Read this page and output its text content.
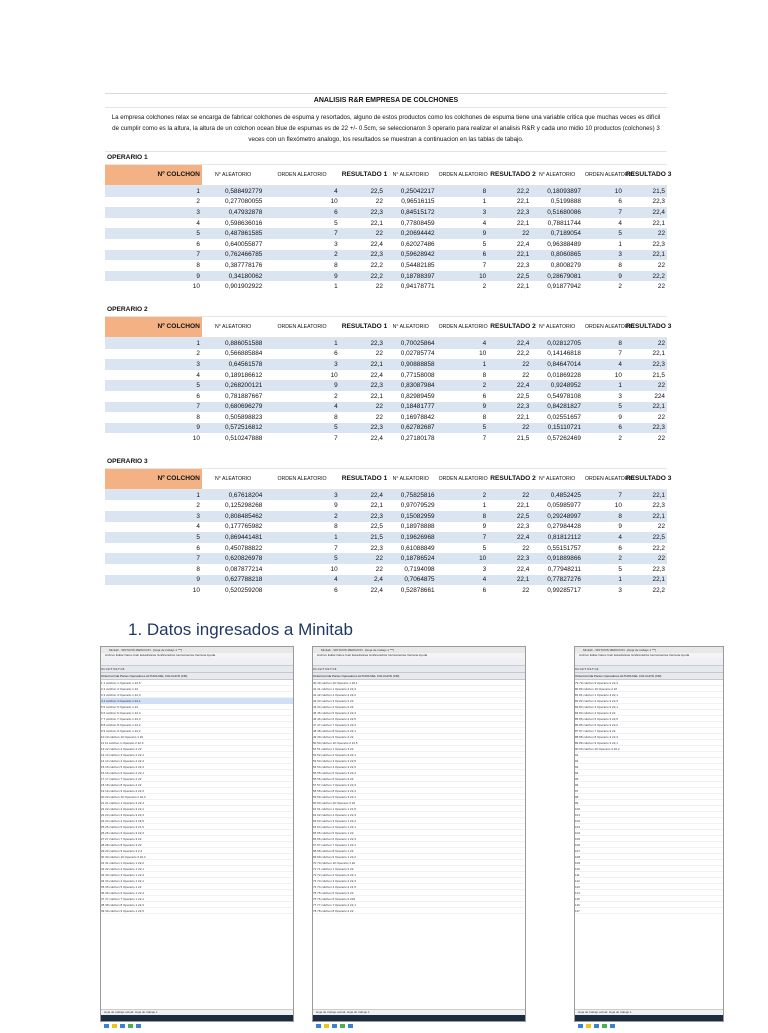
ANALISIS R&R EMPRESA DE COLCHONES
La empresa colchones relax se encarga de fabricar colchones de espuma y resortados, alguno de estos productos como los colchones de espuma tiene una variable critica que muchas veces es difícil de cumplir como es la altura, la altura de un colchon ocean blue de espumas es de 22 +/- 0.5cm, se seleccionaron 3 operario para realizar el analisis R&R y cada uno midio 10 productos (colchones) 3 veces con un flexómetro analogo, los resultados se muestran a continuacion en las tablas de tabajo.
OPERARIO 1
Nº COLCHON	N° ALEATORIO	ORDEN ALEATORIO	RESULTADO 1	N° ALEATORIO	ORDEN ALEATORIO	RESULTADO 2	N° ALEATORIO	ORDEN ALEATORIO	RESULTADO 3
1	0,588492779	4	22,5	0,25042217	8	22,2	0,18093897	10	21,5
2	0,277080055	10	22	0,96516115	1	22,1	0,5199888	6	22,3
3	0,47932878	6	22,3	0,84515172	3	22,3	0,51680086	7	22,4
4	0,598636016	5	22,1	0,77808459	4	22,1	0,78811744	4	22,1
5	0,487861585	7	22	0,20694442	9	22	0,7189054	5	22
6	0,640055877	3	22,4	0,62027486	5	22,4	0,96388489	1	22,3
7	0,762466785	2	22,3	0,59628942	6	22,1	0,8060865	3	22,1
8	0,387778176	8	22,2	0,54482185	7	22,3	0,8008279	8	22
9	0,34180062	9	22,2	0,18788397	10	22,5	0,28679081	9	22,2
10	0,901902922	1	22	0,94178771	2	22,1	0,91877942	2	22
OPERARIO 2
Nº COLCHON	N° ALEATORIO	ORDEN ALEATORIO	RESULTADO 1	N° ALEATORIO	ORDEN ALEATORIO	RESULTADO 2	N° ALEATORIO	ORDEN ALEATORIO	RESULTADO 3
1	0,886051588	1	22,3	0,70025864	4	22,4	0,02812705	8	22
2	0,566885884	6	22	0,02785774	10	22,2	0,14146818	7	22,1
3	0,64561578	3	22,1	0,90888858	1	22	0,84647014	4	22,3
4	0,189186612	10	22,4	0,77158008	8	22	0,01869228	10	21,5
5	0,268200121	9	22,3	0,83087984	2	22,4	0,9248952	1	22
6	0,781887667	2	22,1	0,82989459	6	22,5	0,54978108	3	224
7	0,680696279	4	22	0,18481777	9	22,3	0,84281827	5	22,1
8	0,505898823	8	22	0,16978842	8	22,1	0,02551657	9	22
9	0,572516812	5	22,3	0,62782687	5	22	0,15110721	6	22,3
10	0,510247888	7	22,4	0,27180178	7	21,5	0,57262469	2	22
OPERARIO 3
Nº COLCHON	N° ALEATORIO	ORDEN ALEATORIO	RESULTADO 1	N° ALEATORIO	ORDEN ALEATORIO	RESULTADO 2	N° ALEATORIO	ORDEN ALEATORIO	RESULTADO 3
1	0,67618204	3	22,4	0,75825816	2	22	0,4852425	7	22,1
2	0,125298268	9	22,1	0,97079529	1	22,1	0,05985977	10	22,3
3	0,808485462	2	22,3	0,15082959	8	22,5	0,29248997	8	22,1
4	0,177765982	8	22,5	0,18978888	9	22,3	0,27984428	9	22
5	0,869441481	1	21,5	0,19626968	7	22,4	0,81812112	4	22,5
6	0,450788822	7	22,3	0,61088849	5	22	0,55151757	6	22,2
7	0,620826978	5	22	0,18786524	10	22,3	0,91889866	2	22
8	0,087877214	10	22	0,7194098	3	22,4	0,77948211	5	22,3
9	0,627788218	4	2,4	0,7064875	4	22,1	0,77827276	1	22,1
10	0,520259208	6	22,4	0,52878661	6	22	0,99285717	3	22,2
1. Datos ingresados a Minitab
Minitab - SINTAXIS MEDICION - [Hoja de trabajo 1 ***]
Archivo Editar Datos Calc Estadísticas Gráfica Editor Herramientas Ventana Ayuda
C1 C2-T C3-T C4
OrdenCorrida Partes Operadores ALTURA DEL COLCHON (CM)
1 1 colchon 1 Operario 1 22,5
2 2 colchon 2 Operario 1 22
3 3 colchon 3 Operario 1 22,3
4 4 colchon 4 Operario 1 22,1
5 5 colchon 5 Operario 1 22
6 6 colchon 6 Operario 1 22,4
7 7 colchon 7 Operario 1 22,3
8 8 colchon 8 Operario 1 22,2
9 9 colchon 9 Operario 1 22,2
10 10 colchon 10 Operario 1 22
11 11 colchon 1 Operario 2 22,3
12 12 colchon 2 Operario 2 22
13 13 colchon 3 Operario 2 22,1
14 14 colchon 4 Operario 2 22,4
15 15 colchon 5 Operario 2 22,3
16 16 colchon 6 Operario 2 22,1
17 17 colchon 7 Operario 2 22
18 18 colchon 8 Operario 2 22
19 19 colchon 9 Operario 2 22,3
20 20 colchon 10 Operario 2 22,4
21 21 colchon 1 Operario 3 22,4
22 22 colchon 2 Operario 3 22,1
23 23 colchon 3 Operario 3 22,3
24 24 colchon 4 Operario 3 22,5
25 25 colchon 5 Operario 3 21,5
26 26 colchon 6 Operario 3 22,3
27 27 colchon 7 Operario 3 22
28 28 colchon 8 Operario 3 22
29 29 colchon 9 Operario 3 2,4
30 30 colchon 10 Operario 3 22,4
31 31 colchon 1 Operario 1 22,2
32 32 colchon 2 Operario 1 22,1
33 33 colchon 3 Operario 1 22,3
34 34 colchon 4 Operario 1 22,1
35 35 colchon 5 Operario 1 22
36 36 colchon 6 Operario 1 22,4
37 37 colchon 7 Operario 1 22,1
38 38 colchon 8 Operario 1 22,3
39 39 colchon 9 Operario 1 22,5
Hoja de trabajo actual: Hoja de trabajo 1
Minitab - SINTAXIS MEDICION - [Hoja de trabajo 1 ***]
Archivo Editar Datos Calc Estadísticas Gráfica Editor Herramientas Ventana Ayuda
C1 C2-T C3-T C4
OrdenCorrida Partes Operadores ALTURA DEL COLCHON (CM)
40 40 colchon 10 Operario 1 22,1
41 41 colchon 1 Operario 2 22,4
42 42 colchon 2 Operario 2 22,2
43 43 colchon 3 Operario 2 22
44 44 colchon 4 Operario 2 22
45 45 colchon 5 Operario 2 22,4
46 46 colchon 6 Operario 2 22,5
47 47 colchon 7 Operario 2 22,3
48 48 colchon 8 Operario 2 22,1
49 49 colchon 9 Operario 2 22
50 50 colchon 10 Operario 2 21,5
51 51 colchon 1 Operario 3 22
52 52 colchon 2 Operario 3 22,1
53 53 colchon 3 Operario 3 22,5
54 54 colchon 4 Operario 3 22,3
55 55 colchon 5 Operario 3 22,4
56 56 colchon 6 Operario 3 22
57 57 colchon 7 Operario 3 22,3
58 58 colchon 8 Operario 3 22,4
59 59 colchon 9 Operario 3 22,1
60 60 colchon 10 Operario 3 22
61 61 colchon 1 Operario 1 21,5
62 62 colchon 2 Operario 1 22,3
63 63 colchon 3 Operario 1 22,4
64 64 colchon 4 Operario 1 22,1
65 65 colchon 5 Operario 1 22
66 66 colchon 6 Operario 1 22,3
67 67 colchon 7 Operario 1 22,1
68 68 colchon 8 Operario 1 22
69 69 colchon 9 Operario 1 22,2
70 70 colchon 10 Operario 1 22
71 71 colchon 1 Operario 2 22
72 72 colchon 2 Operario 2 22,1
73 73 colchon 3 Operario 2 22,3
74 74 colchon 4 Operario 2 21,5
75 75 colchon 5 Operario 2 22
76 76 colchon 6 Operario 2 224
77 77 colchon 7 Operario 2 22,1
78 78 colchon 8 Operario 2 22
Hoja de trabajo actual: Hoja de trabajo 1
Minitab - SINTAXIS MEDICION - [Hoja de trabajo 1 ***]
Archivo Editar Datos Calc Estadísticas Gráfica Editor Herramientas Ventana Ayuda
C1 C2-T C3-T C4
OrdenCorrida Partes Operadores ALTURA DEL COLCHON (CM)
79 79 colchon 9 Operario 2 22,3
80 80 colchon 10 Operario 2 22
81 81 colchon 1 Operario 3 22,1
82 82 colchon 2 Operario 3 22,3
83 83 colchon 3 Operario 3 22,1
84 84 colchon 4 Operario 3 22
85 85 colchon 5 Operario 3 22,5
86 86 colchon 6 Operario 3 22,2
87 87 colchon 7 Operario 3 22
88 88 colchon 8 Operario 3 22,3
89 89 colchon 9 Operario 3 22,1
90 90 colchon 10 Operario 3 22,2
91
92
93
94
95
96
97
98
99
100
101
102
103
104
105
106
107
108
109
110
111
112
113
114
115
116
117
Hoja de trabajo actual: Hoja de trabajo 1
